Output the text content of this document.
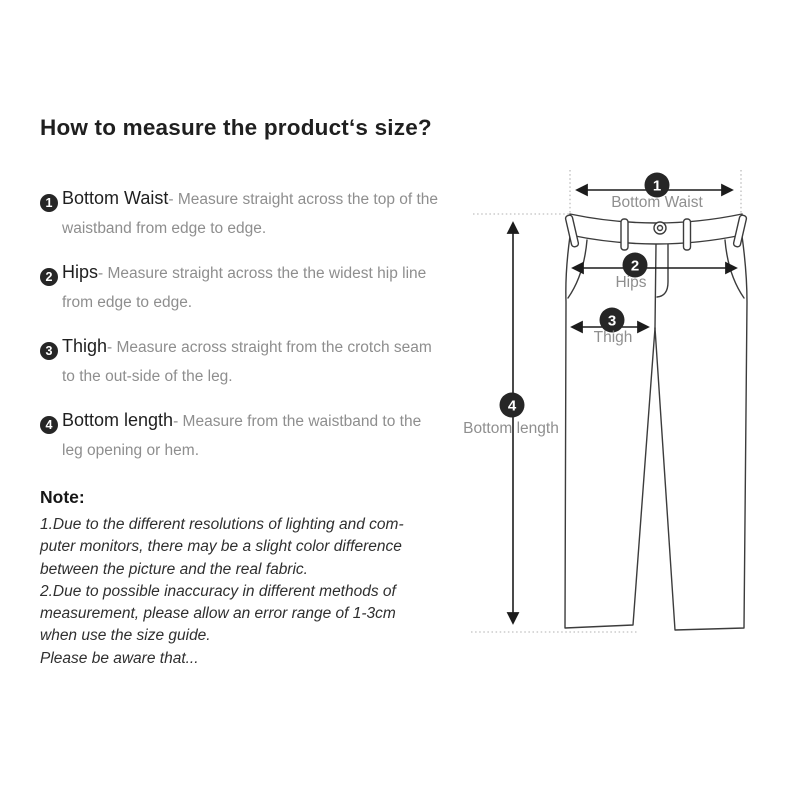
How to measure the product‘s size?
1 Bottom Waist- Measure straight across the top of the waistband from edge to edge.
2 Hips- Measure straight across the the widest hip line from edge to edge.
3 Thigh- Measure across straight from the crotch seam to the out-side of the leg.
4 Bottom length- Measure from the waistband to the leg opening or hem.
Note:
1.Due to the different resolutions of lighting and com-
puter monitors, there may be a slight color difference
between the picture and the real fabric.
2.Due to possible inaccuracy in different methods of
measurement, please allow an error range of 1-3cm
when use the size guide.
Please be aware that...
1
Bottom Waist
2
Hips
3
Thigh
4
Bottom length
